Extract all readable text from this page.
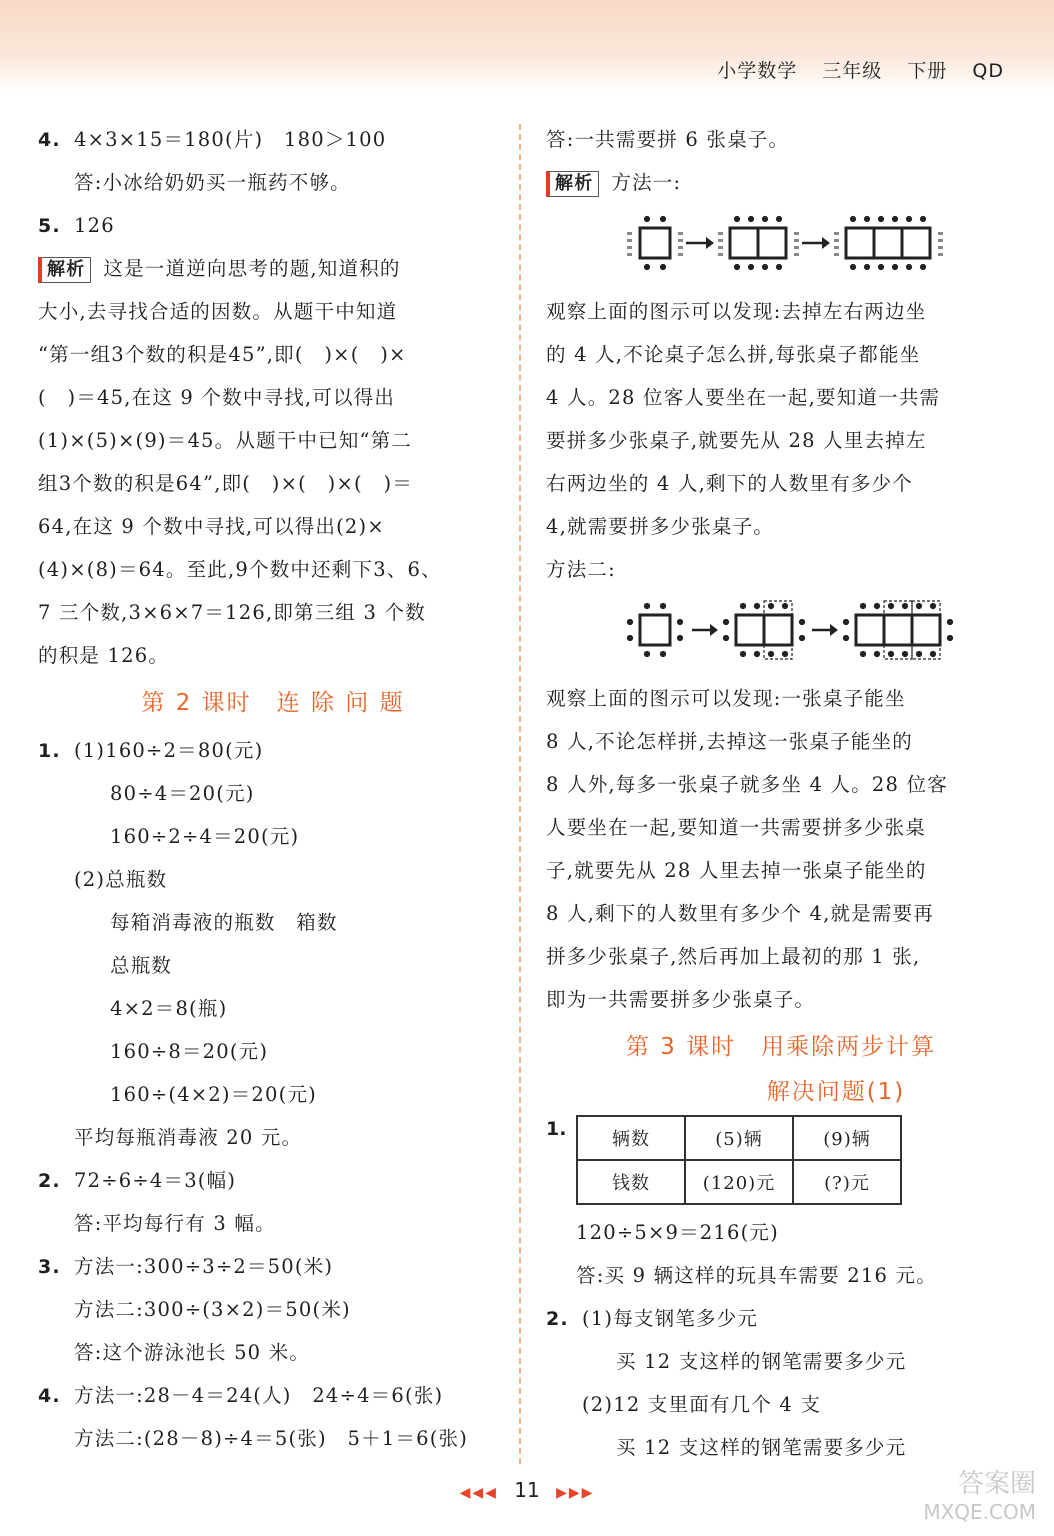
小学数学 三年级 下册 QD
4. 4×3×15＝180(片)　180＞100
答:小冰给奶奶买一瓶药不够。
5. 126
解析 这是一道逆向思考的题,知道积的
大小,去寻找合适的因数。从题干中知道
“第一组3个数的积是45”,即(　)×(　)×
(　)＝45,在这 9 个数中寻找,可以得出
(1)×(5)×(9)＝45。从题干中已知“第二
组3个数的积是64”,即(　)×(　)×(　)＝
64,在这 9 个数中寻找,可以得出(2)×
(4)×(8)＝64。至此,9个数中还剩下3、6、
7 三个数,3×6×7＝126,即第三组 3 个数
的积是 126。
第 2 课时　连 除 问 题
1. (1)160÷2＝80(元)
80÷4＝20(元)
160÷2÷4＝20(元)
(2)总瓶数
每箱消毒液的瓶数　箱数
总瓶数
4×2＝8(瓶)
160÷8＝20(元)
160÷(4×2)＝20(元)
平均每瓶消毒液 20 元。
2. 72÷6÷4＝3(幅)
答:平均每行有 3 幅。
3. 方法一:300÷3÷2＝50(米)
方法二:300÷(3×2)＝50(米)
答:这个游泳池长 50 米。
4. 方法一:28－4＝24(人)　24÷4＝6(张)
方法二:(28－8)÷4＝5(张)　5＋1＝6(张)
答:一共需要拼 6 张桌子。
解析 方法一:
观察上面的图示可以发现:去掉左右两边坐
的 4 人,不论桌子怎么拼,每张桌子都能坐
4 人。28 位客人要坐在一起,要知道一共需
要拼多少张桌子,就要先从 28 人里去掉左
右两边坐的 4 人,剩下的人数里有多少个
4,就需要拼多少张桌子。
方法二:
观察上面的图示可以发现:一张桌子能坐
8 人,不论怎样拼,去掉这一张桌子能坐的
8 人外,每多一张桌子就多坐 4 人。28 位客
人要坐在一起,要知道一共需要拼多少张桌
子,就要先从 28 人里去掉一张桌子能坐的
8 人,剩下的人数里有多少个 4,就是需要再
拼多少张桌子,然后再加上最初的那 1 张,
即为一共需要拼多少张桌子。
第 3 课时　用乘除两步计算
解决问题(1)
1.	辆数	(5)辆	(9)辆
钱数	(120)元	(?)元
120÷5×9＝216(元)
答:买 9 辆这样的玩具车需要 216 元。
2. (1)每支钢笔多少元
买 12 支这样的钢笔需要多少元
(2)12 支里面有几个 4 支
买 12 支这样的钢笔需要多少元
◀◀◀ 11 ▶▶▶	答案圈
MXQE.COM
